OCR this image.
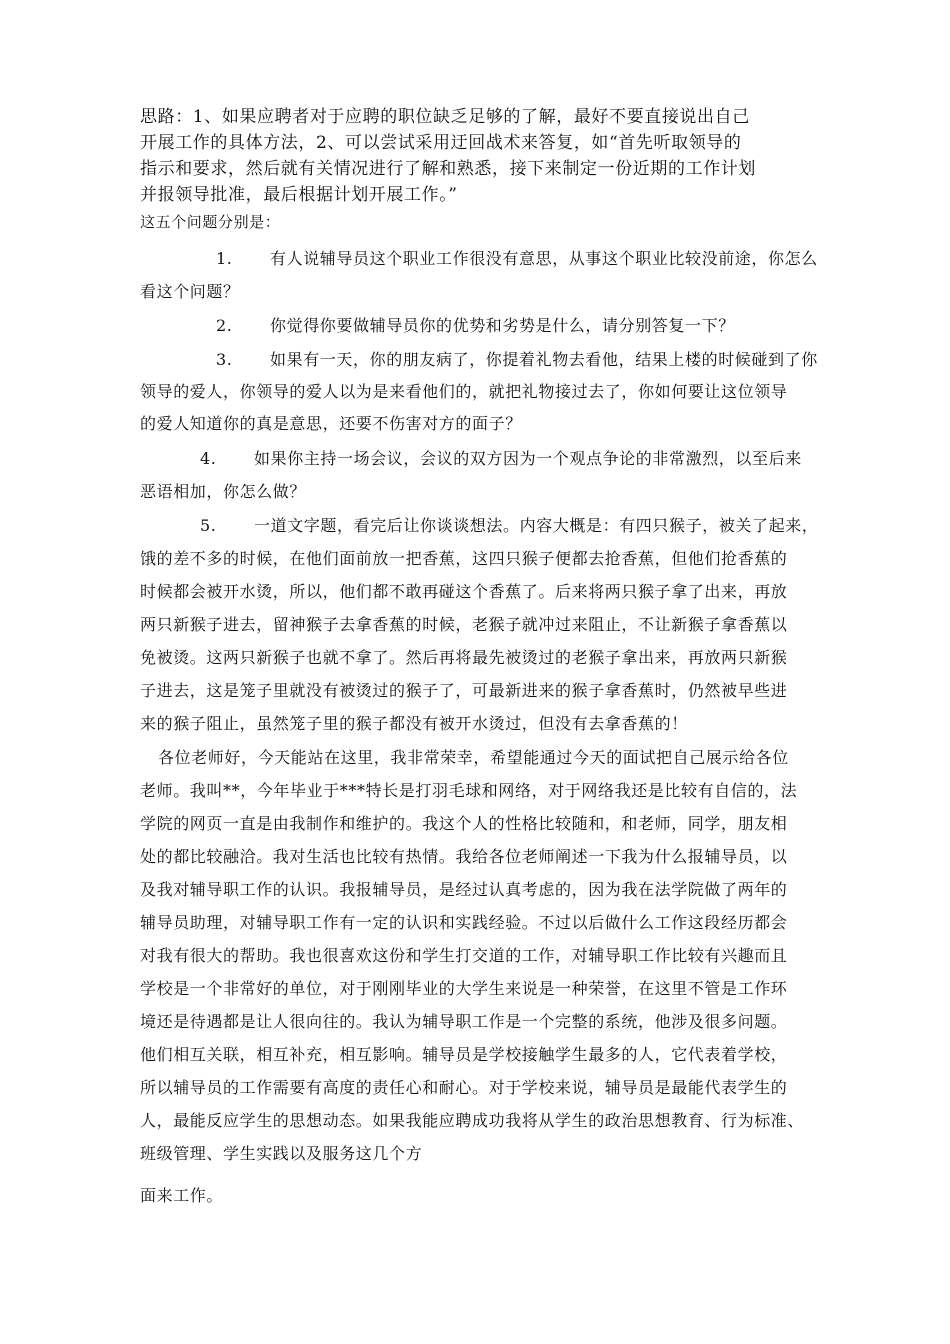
思路：1、如果应聘者对于应聘的职位缺乏足够的了解，最好不要直接说出自己
开展工作的具体方法，2、可以尝试采用迂回战术来答复，如“首先听取领导的
指示和要求，然后就有关情况进行了解和熟悉，接下来制定一份近期的工作计划
并报领导批准，最后根据计划开展工作。”
这五个问题分别是：
1. 有人说辅导员这个职业工作很没有意思，从事这个职业比较没前途，你怎么
看这个问题？
2. 你觉得你要做辅导员你的优势和劣势是什么，请分别答复一下？
3. 如果有一天，你的朋友病了，你提着礼物去看他，结果上楼的时候碰到了你
领导的爱人，你领导的爱人以为是来看他们的，就把礼物接过去了，你如何要让这位领导
的爱人知道你的真是意思，还要不伤害对方的面子？
4. 如果你主持一场会议，会议的双方因为一个观点争论的非常激烈，以至后来
恶语相加，你怎么做？
5. 一道文字题，看完后让你谈谈想法。内容大概是：有四只猴子，被关了起来，
饿的差不多的时候，在他们面前放一把香蕉，这四只猴子便都去抢香蕉，但他们抢香蕉的
时候都会被开水烫，所以，他们都不敢再碰这个香蕉了。后来将两只猴子拿了出来，再放
两只新猴子进去，留神猴子去拿香蕉的时候，老猴子就冲过来阻止，不让新猴子拿香蕉以
免被烫。这两只新猴子也就不拿了。然后再将最先被烫过的老猴子拿出来，再放两只新猴
子进去，这是笼子里就没有被烫过的猴子了，可最新进来的猴子拿香蕉时，仍然被早些进
来的猴子阻止，虽然笼子里的猴子都没有被开水烫过，但没有去拿香蕉的！
各位老师好，今天能站在这里，我非常荣幸，希望能通过今天的面试把自己展示给各位
老师。我叫**，今年毕业于***特长是打羽毛球和网络，对于网络我还是比较有自信的，法
学院的网页一直是由我制作和维护的。我这个人的性格比较随和，和老师，同学，朋友相
处的都比较融洽。我对生活也比较有热情。我给各位老师阐述一下我为什么报辅导员，以
及我对辅导职工作的认识。我报辅导员，是经过认真考虑的，因为我在法学院做了两年的
辅导员助理，对辅导职工作有一定的认识和实践经验。不过以后做什么工作这段经历都会
对我有很大的帮助。我也很喜欢这份和学生打交道的工作，对辅导职工作比较有兴趣而且
学校是一个非常好的单位，对于刚刚毕业的大学生来说是一种荣誉，在这里不管是工作环
境还是待遇都是让人很向往的。我认为辅导职工作是一个完整的系统，他涉及很多问题。
他们相互关联，相互补充，相互影响。辅导员是学校接触学生最多的人，它代表着学校，
所以辅导员的工作需要有高度的责任心和耐心。对于学校来说，辅导员是最能代表学生的
人，最能反应学生的思想动态。如果我能应聘成功我将从学生的政治思想教育、行为标准、
班级管理、学生实践以及服务这几个方
面来工作。
